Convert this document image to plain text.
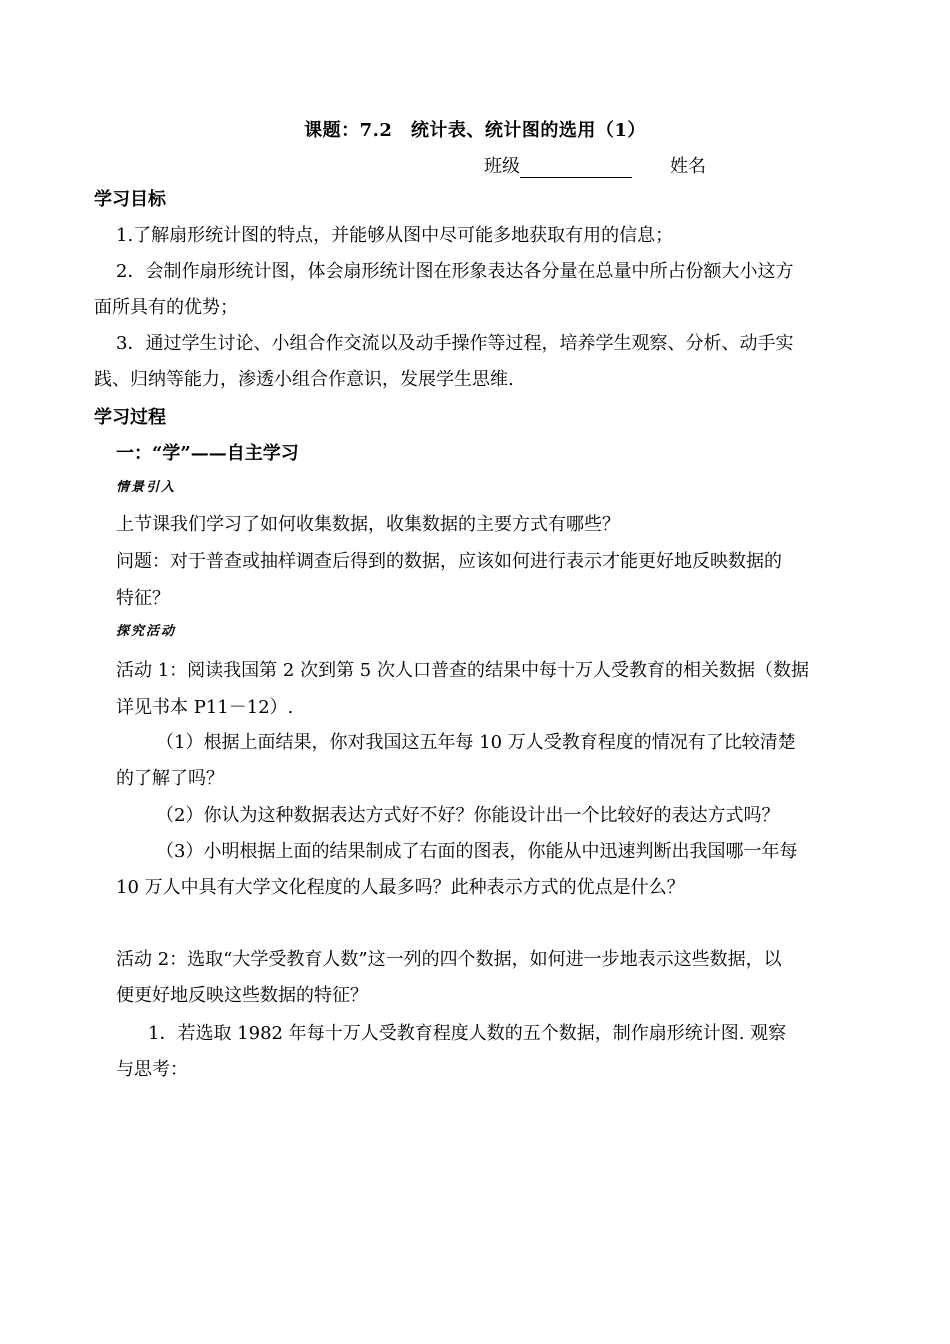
课题：7.2　统计表、统计图的选用（1）
班级	姓名

学习目标

1.了解扇形统计图的特点，并能够从图中尽可能多地获取有用的信息；

2．会制作扇形统计图，体会扇形统计图在形象表达各分量在总量中所占份额大小这方

面所具有的优势；

3．通过学生讨论、小组合作交流以及动手操作等过程，培养学生观察、分析、动手实

践、归纳等能力，渗透小组合作意识，发展学生思维.

学习过程

一：“学”——自主学习

情景引入

上节课我们学习了如何收集数据，收集数据的主要方式有哪些？

问题：对于普查或抽样调查后得到的数据，应该如何进行表示才能更好地反映数据的

特征？

探究活动

活动 1：阅读我国第 2 次到第 5 次人口普查的结果中每十万人受教育的相关数据（数据

详见书本 P11－12）.

（1）根据上面结果，你对我国这五年每 10 万人受教育程度的情况有了比较清楚

的了解了吗？

（2）你认为这种数据表达方式好不好？你能设计出一个比较好的表达方式吗？

（3）小明根据上面的结果制成了右面的图表，你能从中迅速判断出我国哪一年每

10 万人中具有大学文化程度的人最多吗？此种表示方式的优点是什么？

活动 2：选取“大学受教育人数”这一列的四个数据，如何进一步地表示这些数据，以

便更好地反映这些数据的特征？

1．若选取 1982 年每十万人受教育程度人数的五个数据，制作扇形统计图. 观察

与思考：
